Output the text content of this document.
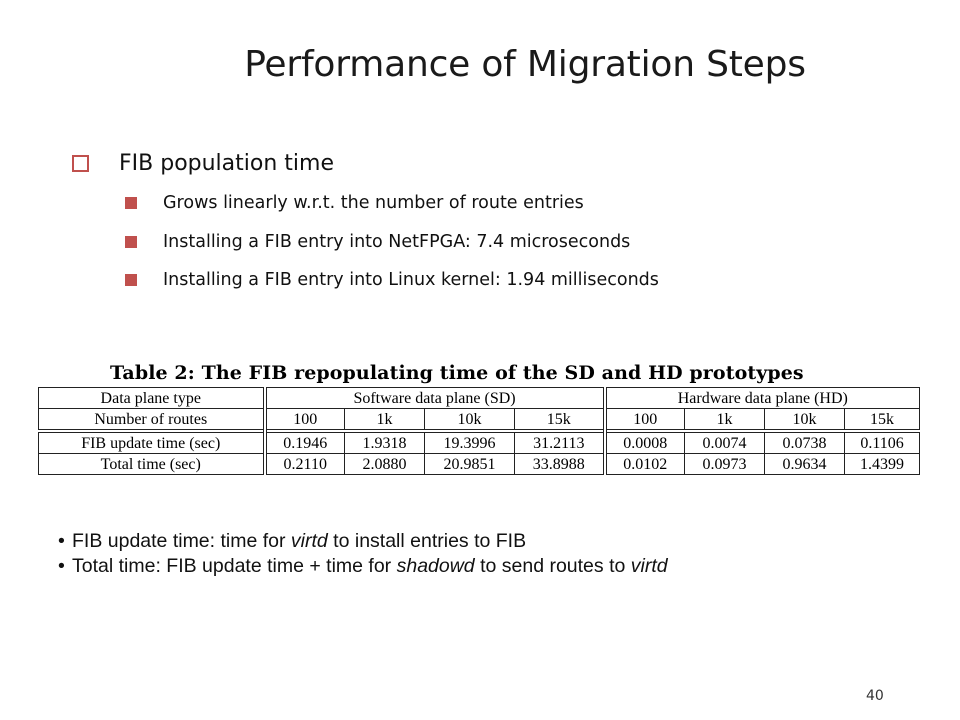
Performance of Migration Steps
FIB population time
Grows linearly w.r.t. the number of route entries
Installing a FIB entry into NetFPGA: 7.4 microseconds
Installing a FIB entry into Linux kernel: 1.94 milliseconds
Table 2: The FIB repopulating time of the SD and HD prototypes
Data plane type	Software data plane (SD)				Hardware data plane (HD)			
Number of routes	100	1k	10k	15k	100	1k	10k	15k
FIB update time (sec)	0.1946	1.9318	19.3996	31.2113	0.0008	0.0074	0.0738	0.1106
Total time (sec)	0.2110	2.0880	20.9851	33.8988	0.0102	0.0973	0.9634	1.4399
• FIB update time: time for virtd to install entries to FIB
• Total time: FIB update time + time for shadowd to send routes to virtd
40
